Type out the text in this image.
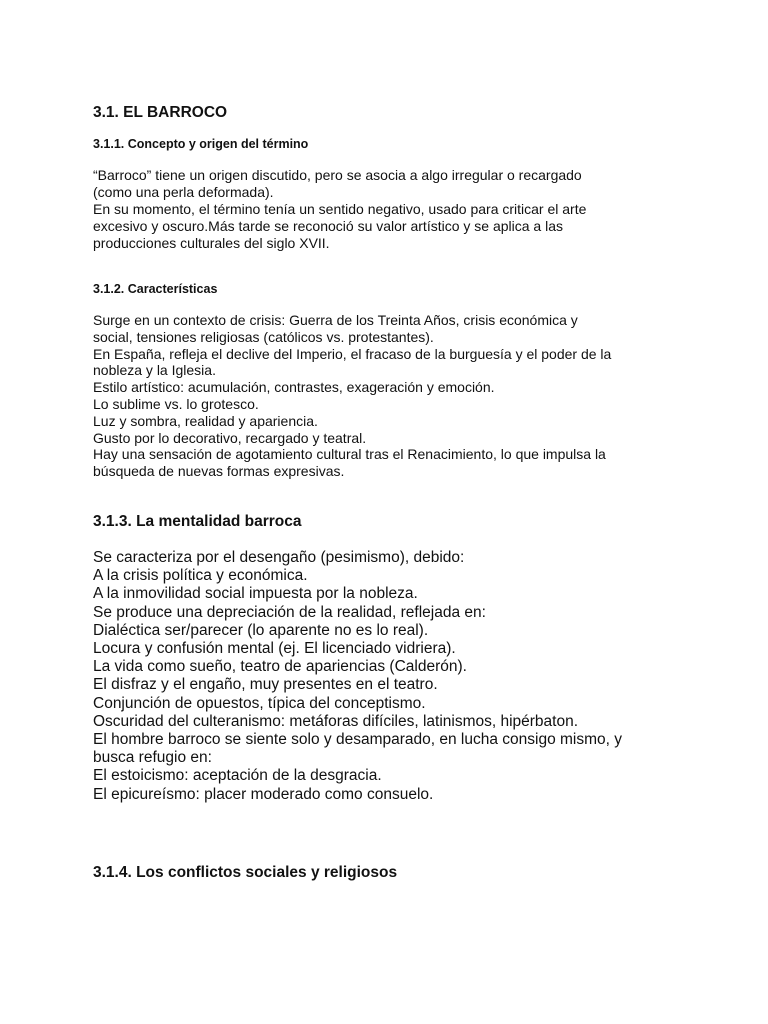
3.1. EL BARROCO
3.1.1. Concepto y origen del término
“Barroco” tiene un origen discutido, pero se asocia a algo irregular o recargado
(como una perla deformada).
En su momento, el término tenía un sentido negativo, usado para criticar el arte
excesivo y oscuro.Más tarde se reconoció su valor artístico y se aplica a las
producciones culturales del siglo XVII.
3.1.2. Características
Surge en un contexto de crisis: Guerra de los Treinta Años, crisis económica y
social, tensiones religiosas (católicos vs. protestantes).
En España, refleja el declive del Imperio, el fracaso de la burguesía y el poder de la
nobleza y la Iglesia.
Estilo artístico: acumulación, contrastes, exageración y emoción.
Lo sublime vs. lo grotesco.
Luz y sombra, realidad y apariencia.
Gusto por lo decorativo, recargado y teatral.
Hay una sensación de agotamiento cultural tras el Renacimiento, lo que impulsa la
búsqueda de nuevas formas expresivas.
3.1.3. La mentalidad barroca
Se caracteriza por el desengaño (pesimismo), debido:
A la crisis política y económica.
A la inmovilidad social impuesta por la nobleza.
Se produce una depreciación de la realidad, reflejada en:
Dialéctica ser/parecer (lo aparente no es lo real).
Locura y confusión mental (ej. El licenciado vidriera).
La vida como sueño, teatro de apariencias (Calderón).
El disfraz y el engaño, muy presentes en el teatro.
Conjunción de opuestos, típica del conceptismo.
Oscuridad del culteranismo: metáforas difíciles, latinismos, hipérbaton.
El hombre barroco se siente solo y desamparado, en lucha consigo mismo, y
busca refugio en:
El estoicismo: aceptación de la desgracia.
El epicureísmo: placer moderado como consuelo.
3.1.4. Los conflictos sociales y religiosos
